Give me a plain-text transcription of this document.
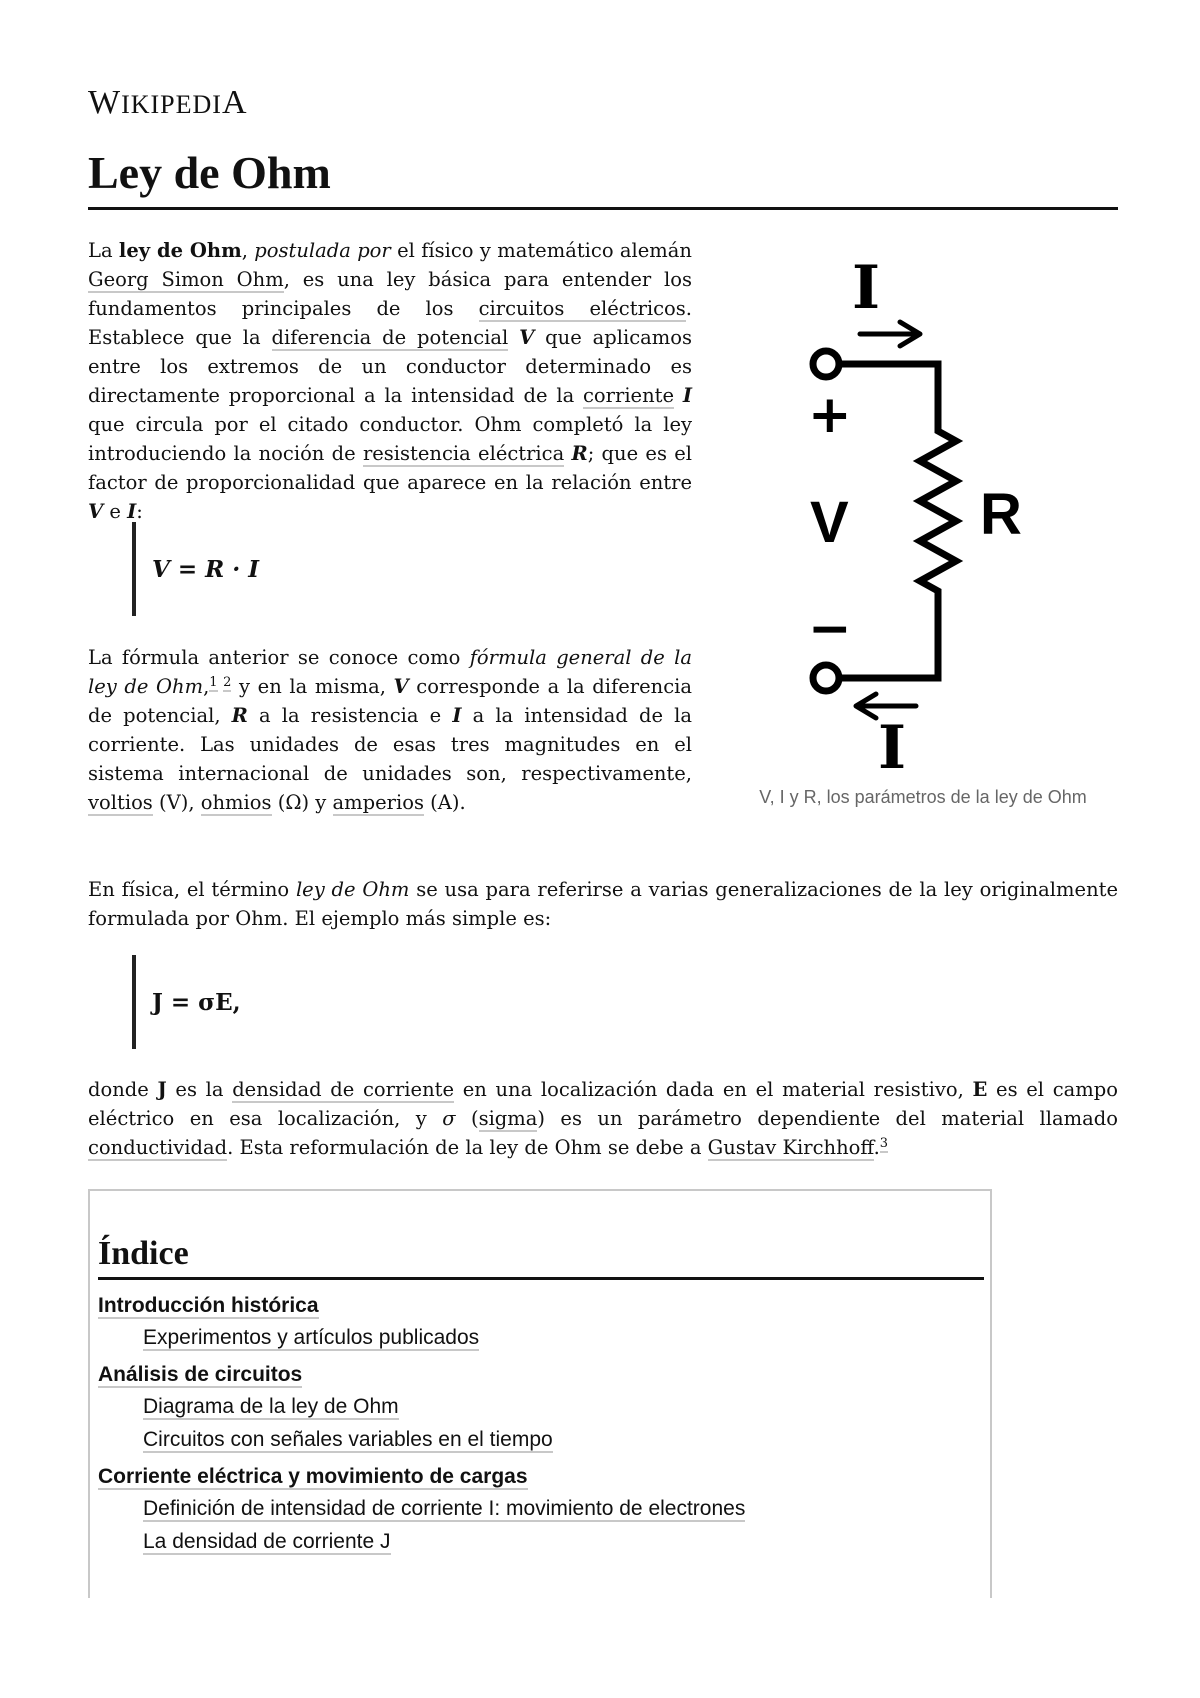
WIKIPEDIA
Ley de Ohm

La ley de Ohm, postulada por el físico y matemático alemán Georg Simon Ohm, es una ley básica para entender los fundamentos principales de los circuitos eléctricos. Establece que la diferencia de potencial V que aplicamos entre los extremos de un conductor determinado es directamente proporcional a la intensidad de la corriente I que circula por el citado conductor. Ohm completó la ley introduciendo la noción de resistencia eléctrica R; que es el factor de proporcionalidad que aparece en la relación entre V e I:

V = R · I

La fórmula anterior se conoce como fórmula general de la ley de Ohm,$^{1 2}$ y en la misma, V corresponde a la diferencia de potencial, R a la resistencia e I a la intensidad de la corriente. Las unidades de esas tres magnitudes en el sistema internacional de unidades son, respectivamente, voltios (V), ohmios (Ω) y amperios (A).

I
+
V R
−
I
V, I y R, los parámetros de la ley de Ohm

En física, el término ley de Ohm se usa para referirse a varias generalizaciones de la ley originalmente formulada por Ohm. El ejemplo más simple es:

J = σE,

donde J es la densidad de corriente en una localización dada en el material resistivo, E es el campo eléctrico en esa localización, y σ (sigma) es un parámetro dependiente del material llamado conductividad. Esta reformulación de la ley de Ohm se debe a Gustav Kirchhoff.$^3$

Índice
Introducción histórica
Experimentos y artículos publicados
Análisis de circuitos
Diagrama de la ley de Ohm
Circuitos con señales variables en el tiempo
Corriente eléctrica y movimiento de cargas
Definición de intensidad de corriente I: movimiento de electrones
La densidad de corriente J
